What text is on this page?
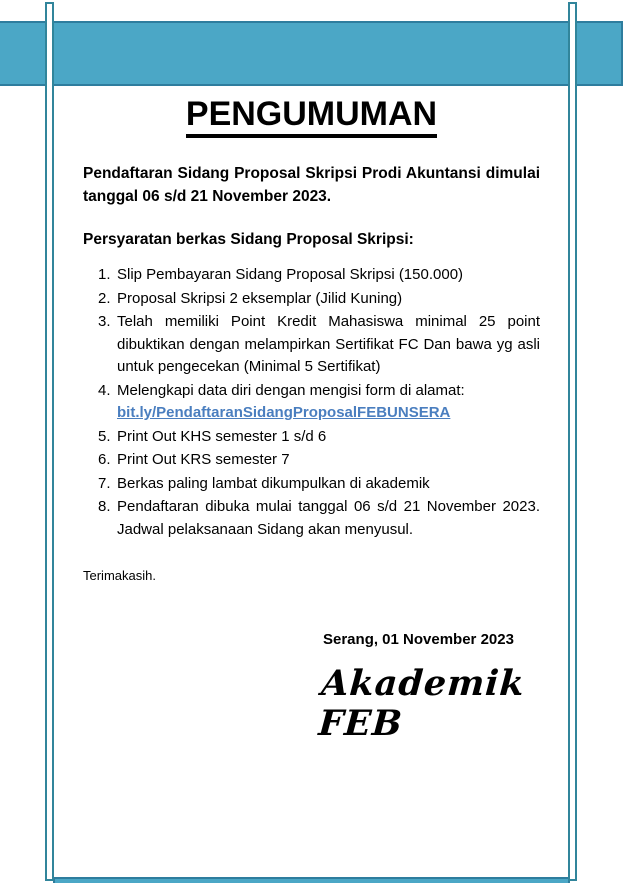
PENGUMUMAN

Pendaftaran Sidang Proposal Skripsi Prodi Akuntansi dimulai tanggal 06 s/d 21 November 2023.

Persyaratan berkas Sidang Proposal Skripsi:

1. Slip Pembayaran Sidang Proposal Skripsi (150.000)
2. Proposal Skripsi 2 eksemplar (Jilid Kuning)
3. Telah memiliki Point Kredit Mahasiswa minimal 25 point dibuktikan dengan melampirkan Sertifikat FC Dan bawa yg asli untuk pengecekan (Minimal 5 Sertifikat)
4. Melengkapi data diri dengan mengisi form di alamat:
bit.ly/PendaftaranSidangProposalFEBUNSERA
5. Print Out KHS semester 1 s/d 6
6. Print Out KRS semester 7
7. Berkas paling lambat dikumpulkan di akademik
8. Pendaftaran dibuka mulai tanggal 06 s/d 21 November 2023. Jadwal pelaksanaan Sidang akan menyusul.

Terimakasih.

Serang, 01 November 2023

Akademik FEB
